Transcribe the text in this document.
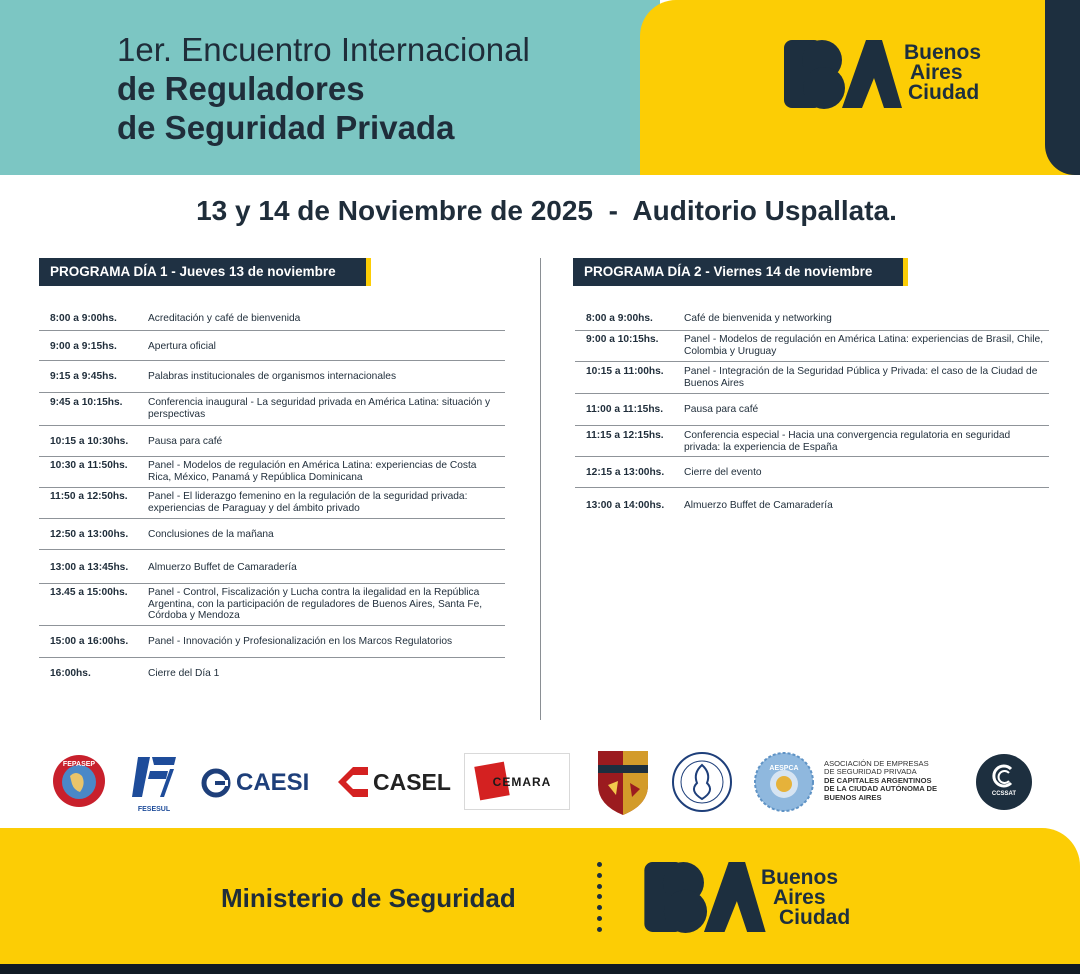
1er. Encuentro Internacional
de Reguladores
de Seguridad Privada
Buenos
Aires
Ciudad
13 y 14 de Noviembre de 2025  -  Auditorio Uspallata.
PROGRAMA DÍA 1 - Jueves 13 de noviembre
8:00 a 9:00hs.	Acreditación y café de bienvenida
9:00 a 9:15hs.	Apertura oficial
9:15 a 9:45hs.	Palabras institucionales de organismos internacionales
9:45 a 10:15hs.	Conferencia inaugural - La seguridad privada en América Latina: situación y perspectivas
10:15 a 10:30hs.	Pausa para café
10:30 a 11:50hs.	Panel - Modelos de regulación en América Latina: experiencias de Costa Rica, México, Panamá y República Dominicana
11:50 a 12:50hs.	Panel - El liderazgo femenino en la regulación de la seguridad privada: experiencias de Paraguay y del ámbito privado
12:50 a 13:00hs.	Conclusiones de la mañana
13:00 a 13:45hs.	Almuerzo Buffet de Camaradería
13.45 a 15:00hs.	Panel - Control, Fiscalización y Lucha contra la ilegalidad en la República Argentina, con la participación de reguladores de Buenos Aires, Santa Fe, Córdoba y Mendoza
15:00 a 16:00hs.	Panel - Innovación y Profesionalización en los Marcos Regulatorios
16:00hs.	Cierre del Día 1
PROGRAMA DÍA 2 - Viernes 14 de noviembre
8:00 a 9:00hs.	Café de bienvenida y networking
9:00 a 10:15hs.	Panel - Modelos de regulación en América Latina: experiencias de Brasil, Chile, Colombia y Uruguay
10:15 a 11:00hs.	Panel - Integración de la Seguridad Pública y Privada: el caso de la Ciudad de Buenos Aires
11:00 a 11:15hs.	Pausa para café
11:15 a 12:15hs.	Conferencia especial - Hacia una convergencia regulatoria en seguridad privada: la experiencia de España
12:15 a 13:00hs.	Cierre del evento
13:00 a 14:00hs.	Almuerzo Buffet de Camaradería
FEPASEP
FESESUL
CAESI	CASEL	CEMARA
AESPCA
ASOCIACIÓN DE EMPRESAS
DE SEGURIDAD PRIVADA
DE CAPITALES ARGENTINOS
DE LA CIUDAD AUTÓNOMA DE
BUENOS AIRES	CCSSAT
Ministerio de Seguridad
Buenos
Aires
Ciudad
